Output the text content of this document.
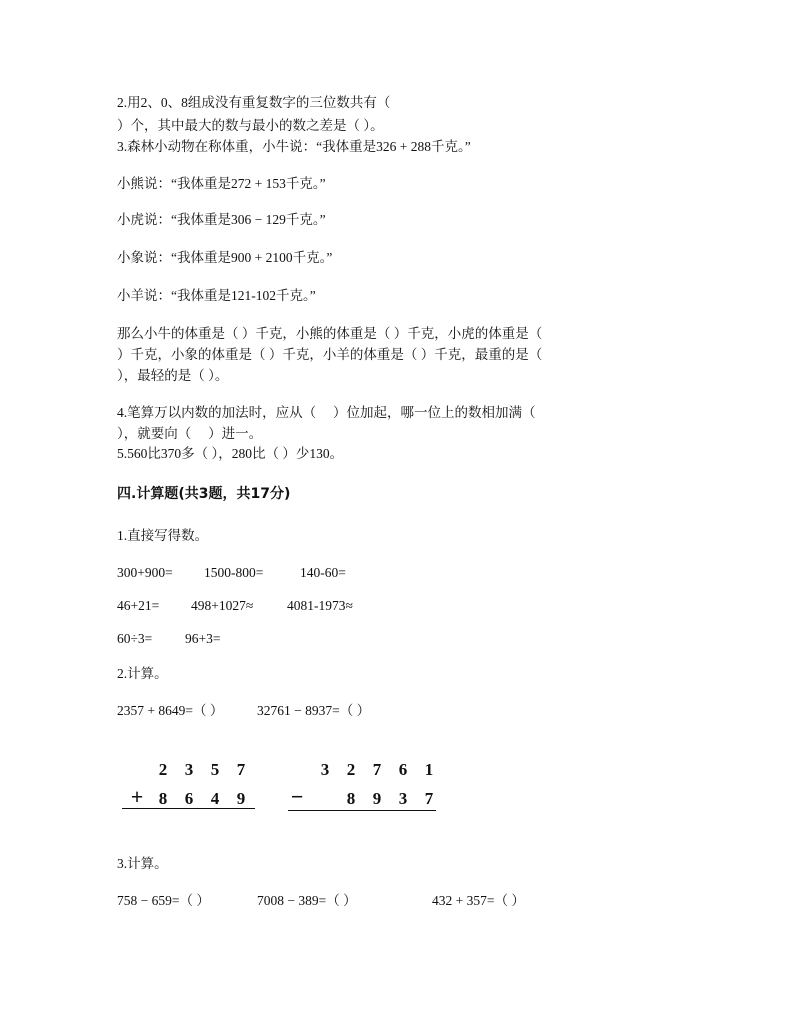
2.用2、0、8组成没有重复数字的三位数共有（
）个，其中最大的数与最小的数之差是（ ）。
3.森林小动物在称体重，小牛说：“我体重是326 + 288千克。”
小熊说：“我体重是272 + 153千克。”
小虎说：“我体重是306 − 129千克。”
小象说：“我体重是900 + 2100千克。”
小羊说：“我体重是121-102千克。”
那么小牛的体重是（ ）千克，小熊的体重是（ ）千克，小虎的体重是（
）千克，小象的体重是（ ）千克，小羊的体重是（ ）千克，最重的是（
），最轻的是（ ）。
4.笔算万以内数的加法时，应从（　 ）位加起，哪一位上的数相加满（
），就要向（　 ）进一。
5.560比370多（ ），280比（ ）少130。
四.计算题(共3题，共17分)
1.直接写得数。
300+900= 1500-800=	140-60=
46+21= 498+1027≈ 4081-1973≈
60÷3= 96+3=
2.计算。
2357 + 8649=（ ） 32761 − 8937=（ ）
2 3 5 7
+ 8 6 4 9
3 2 7 6 1
−	8 9 3 7
3.计算。
758 − 659=（ ）	7008 − 389=（ ）	432 + 357=（ ）
